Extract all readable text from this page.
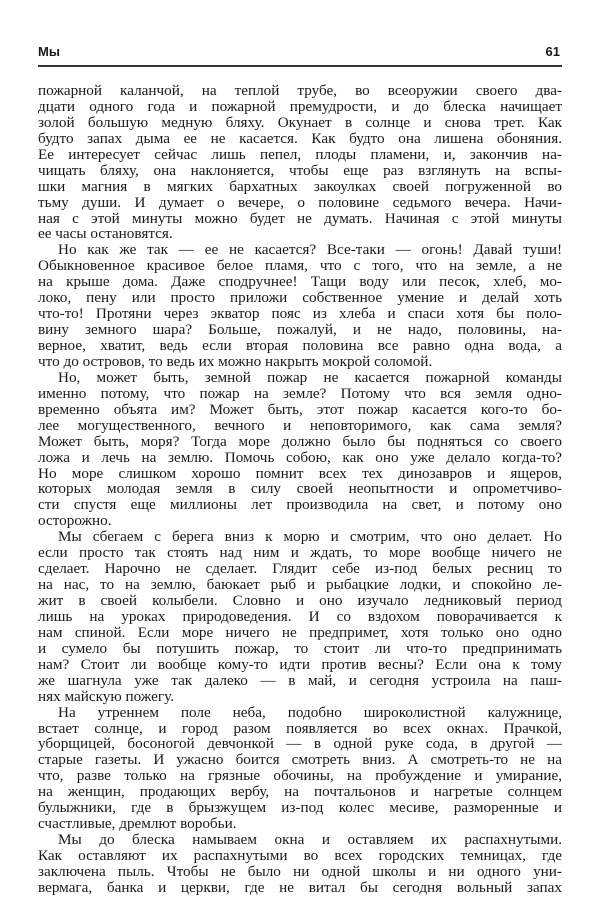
Мы	61
пожарной каланчой, на теплой трубе, во всеоружии своего два-
дцати одного года и пожарной премудрости, и до блеска начищает
золой большую медную бляху. Окунает в солнце и снова трет. Как
будто запах дыма ее не касается. Как будто она лишена обоняния.
Ее интересует сейчас лишь пепел, плоды пламени, и, закончив на-
чищать бляху, она наклоняется, чтобы еще раз взглянуть на вспы-
шки магния в мягких бархатных закоулках своей погруженной во
тьму души. И думает о вечере, о половине седьмого вечера. Начи-
ная с этой минуты можно будет не думать. Начиная с этой минуты
ее часы остановятся.
Но как же так — ее не касается? Все-таки — огонь! Давай туши!
Обыкновенное красивое белое пламя, что с того, что на земле, а не
на крыше дома. Даже сподручнее! Тащи воду или песок, хлеб, мо-
локо, пену или просто приложи собственное умение и делай хоть
что-то! Протяни через экватор пояс из хлеба и спаси хотя бы поло-
вину земного шара? Больше, пожалуй, и не надо, половины, на-
верное, хватит, ведь если вторая половина все равно одна вода, а
что до островов, то ведь их можно накрыть мокрой соломой.
Но, может быть, земной пожар не касается пожарной команды
именно потому, что пожар на земле? Потому что вся земля одно-
временно объята им? Может быть, этот пожар касается кого-то бо-
лее могущественного, вечного и неповторимого, как сама земля?
Может быть, моря? Тогда море должно было бы подняться со своего
ложа и лечь на землю. Помочь собою, как оно уже делало когда-то?
Но море слишком хорошо помнит всех тех динозавров и ящеров,
которых молодая земля в силу своей неопытности и опрометчиво-
сти спустя еще миллионы лет производила на свет, и потому оно
осторожно.
Мы сбегаем с берега вниз к морю и смотрим, что оно делает. Но
если просто так стоять над ним и ждать, то море вообще ничего не
сделает. Нарочно не сделает. Глядит себе из-под белых ресниц то
на нас, то на землю, баюкает рыб и рыбацкие лодки, и спокойно ле-
жит в своей колыбели. Словно и оно изучало ледниковый период
лишь на уроках природоведения. И со вздохом поворачивается к
нам спиной. Если море ничего не предпримет, хотя только оно одно
и сумело бы потушить пожар, то стоит ли что-то предпринимать
нам? Стоит ли вообще кому-то идти против весны? Если она к тому
же шагнула уже так далеко — в май, и сегодня устроила на паш-
нях майскую пожегу.
На утреннем поле неба, подобно широколистной калужнице,
встает солнце, и город разом появляется во всех окнах. Прачкой,
уборщицей, босоногой девчонкой — в одной руке сода, в другой —
старые газеты. И ужасно боится смотреть вниз. А смотреть-то не на
что, разве только на грязные обочины, на пробуждение и умирание,
на женщин, продающих вербу, на почтальонов и нагретые солнцем
булыжники, где в брызжущем из-под колес месиве, разморенные и
счастливые, дремлют воробьи.
Мы до блеска намываем окна и оставляем их распахнутыми.
Как оставляют их распахнутыми во всех городских темницах, где
заключена пыль. Чтобы не было ни одной школы и ни одного уни-
вермага, банка и церкви, где не витал бы сегодня вольный запах
